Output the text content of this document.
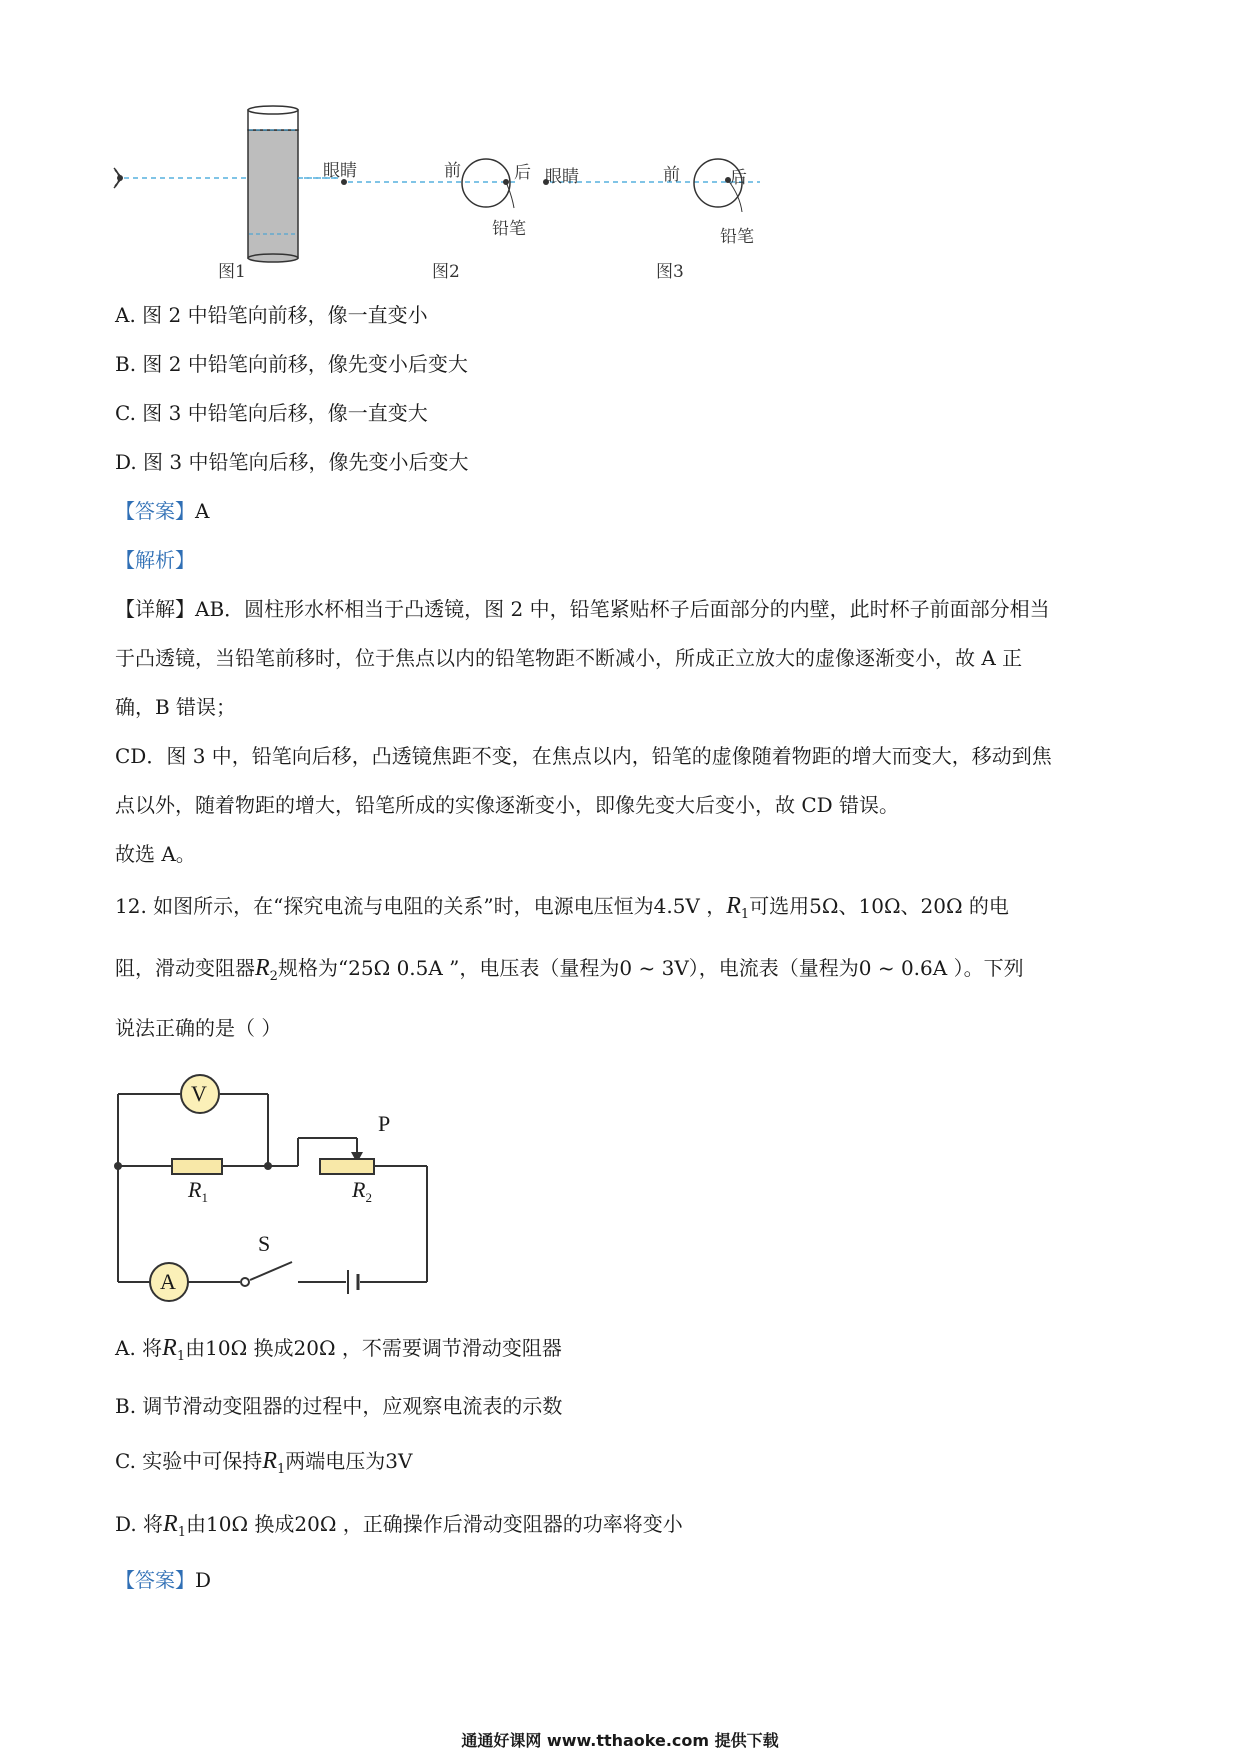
眼睛	前	后
铅笔
眼睛	前	后
铅笔
图1	图2	图3
A. 图 2 中铅笔向前移，像一直变小
B. 图 2 中铅笔向前移，像先变小后变大
C. 图 3 中铅笔向后移，像一直变大
D. 图 3 中铅笔向后移，像先变小后变大
【答案】A
【解析】
【详解】AB．圆柱形水杯相当于凸透镜，图 2 中，铅笔紧贴杯子后面部分的内壁，此时杯子前面部分相当
于凸透镜，当铅笔前移时，位于焦点以内的铅笔物距不断减小，所成正立放大的虚像逐渐变小，故 A 正
确，B 错误；
CD．图 3 中，铅笔向后移，凸透镜焦距不变，在焦点以内，铅笔的虚像随着物距的增大而变大，移动到焦
点以外，随着物距的增大，铅笔所成的实像逐渐变小，即像先变大后变小，故 CD 错误。
故选 A。
12. 如图所示，在“探究电流与电阻的关系”时，电源电压恒为4.5V ，$R_1$可选用5Ω、10Ω、20Ω 的电
阻，滑动变阻器$R_2$规格为“25Ω 0.5A ”，电压表（量程为0 ~ 3V），电流表（量程为0 ~ 0.6A ）。下列
说法正确的是（ ）
V
A
P
S
$R_1$	$R_2$
A. 将$R_1$由10Ω 换成20Ω ，不需要调节滑动变阻器
B. 调节滑动变阻器的过程中，应观察电流表的示数
C. 实验中可保持$R_1$两端电压为3V
D. 将$R_1$由10Ω 换成20Ω ，正确操作后滑动变阻器的功率将变小
【答案】D
通通好课网 www.tthaoke.com 提供下载
